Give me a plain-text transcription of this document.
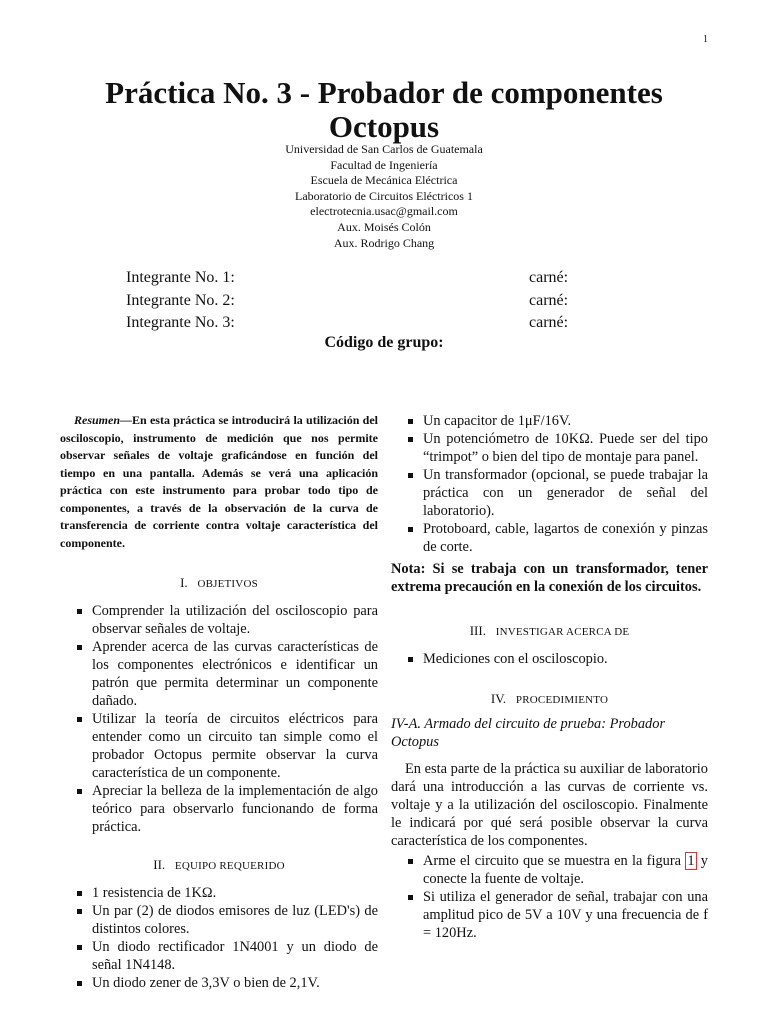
1
Práctica No. 3 - Probador de componentes
Octopus
Universidad de San Carlos de Guatemala
Facultad de Ingeniería
Escuela de Mecánica Eléctrica
Laboratorio de Circuitos Eléctricos 1
electrotecnia.usac@gmail.com
Aux. Moisés Colón
Aux. Rodrigo Chang
Integrante No. 1:	carné:
Integrante No. 2:	carné:
Integrante No. 3:	carné:
Código de grupo:

Resumen—En esta práctica se introducirá la utilización del osciloscopio, instrumento de medición que nos permite observar señales de voltaje graficándose en función del tiempo en una pantalla. Además se verá una aplicación práctica con este instrumento para probar todo tipo de componentes, a través de la observación de la curva de transferencia de corriente contra voltaje característica del componente.

I. OBJETIVOS

Comprender la utilización del osciloscopio para observar señales de voltaje.
Aprender acerca de las curvas características de los componentes electrónicos e identificar un patrón que permita determinar un componente dañado.
Utilizar la teoría de circuitos eléctricos para entender como un circuito tan simple como el probador Octopus permite observar la curva característica de un componente.
Apreciar la belleza de la implementación de algo teórico para observarlo funcionando de forma práctica.

II. EQUIPO REQUERIDO

1 resistencia de 1KΩ.
Un par (2) de diodos emisores de luz (LED's) de distintos colores.
Un diodo rectificador 1N4001 y un diodo de señal 1N4148.
Un diodo zener de 3,3V o bien de 2,1V.
Un capacitor de 1μF/16V.
Un potenciómetro de 10KΩ. Puede ser del tipo “trimpot” o bien del tipo de montaje para panel.
Un transformador (opcional, se puede trabajar la práctica con un generador de señal del laboratorio).
Protoboard, cable, lagartos de conexión y pinzas de corte.

Nota: Si se trabaja con un transformador, tener extrema precaución en la conexión de los circuitos.

III. INVESTIGAR ACERCA DE

Mediciones con el osciloscopio.

IV. PROCEDIMIENTO

IV-A. Armado del circuito de prueba: Probador Octopus

En esta parte de la práctica su auxiliar de laboratorio dará una introducción a las curvas de corriente vs. voltaje y a la utilización del osciloscopio. Finalmente le indicará por qué será posible observar la curva característica de los componentes.

Arme el circuito que se muestra en la figura 1 y conecte la fuente de voltaje.
Si utiliza el generador de señal, trabajar con una amplitud pico de 5V a 10V y una frecuencia de f = 120Hz.
